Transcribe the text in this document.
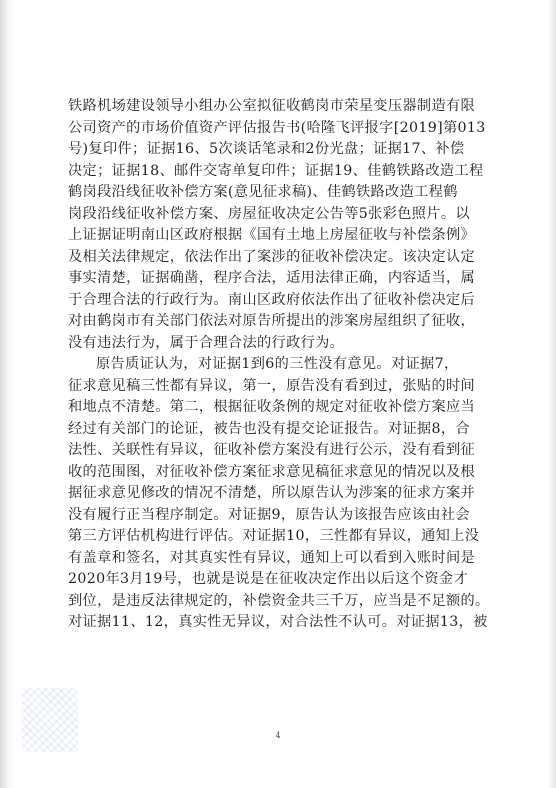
铁路机场建设领导小组办公室拟征收鹤岗市荣星变压器制造有限

公司资产的市场价值资产评估报告书(哈隆飞评报字[2019]第013

号)复印件；证据16、5次谈话笔录和2份光盘；证据17、补偿

决定；证据18、邮件交寄单复印件；证据19、佳鹤铁路改造工程

鹤岗段沿线征收补偿方案(意见征求稿)、佳鹤铁路改造工程鹤

岗段沿线征收补偿方案、房屋征收决定公告等5张彩色照片。以

上证据证明南山区政府根据《国有土地上房屋征收与补偿条例》

及相关法律规定，依法作出了案涉的征收补偿决定。该决定认定

事实清楚，证据确凿，程序合法，适用法律正确，内容适当，属

于合理合法的行政行为。南山区政府依法作出了征收补偿决定后

对由鹤岗市有关部门依法对原告所提出的涉案房屋组织了征收，

没有违法行为，属于合理合法的行政行为。

原告质证认为，对证据1到6的三性没有意见。对证据7，

征求意见稿三性都有异议，第一，原告没有看到过，张贴的时间

和地点不清楚。第二，根据征收条例的规定对征收补偿方案应当

经过有关部门的论证，被告也没有提交论证报告。对证据8，合

法性、关联性有异议，征收补偿方案没有进行公示，没有看到征

收的范围图，对征收补偿方案征求意见稿征求意见的情况以及根

据征求意见修改的情况不清楚，所以原告认为涉案的征求方案并

没有履行正当程序制定。对证据9，原告认为该报告应该由社会

第三方评估机构进行评估。对证据10，三性都有异议，通知上没

有盖章和签名，对其真实性有异议，通知上可以看到入账时间是

2020年3月19号，也就是说是在征收决定作出以后这个资金才

到位，是违反法律规定的，补偿资金共三千万，应当是不足额的。

对证据11、12，真实性无异议，对合法性不认可。对证据13，被

4
